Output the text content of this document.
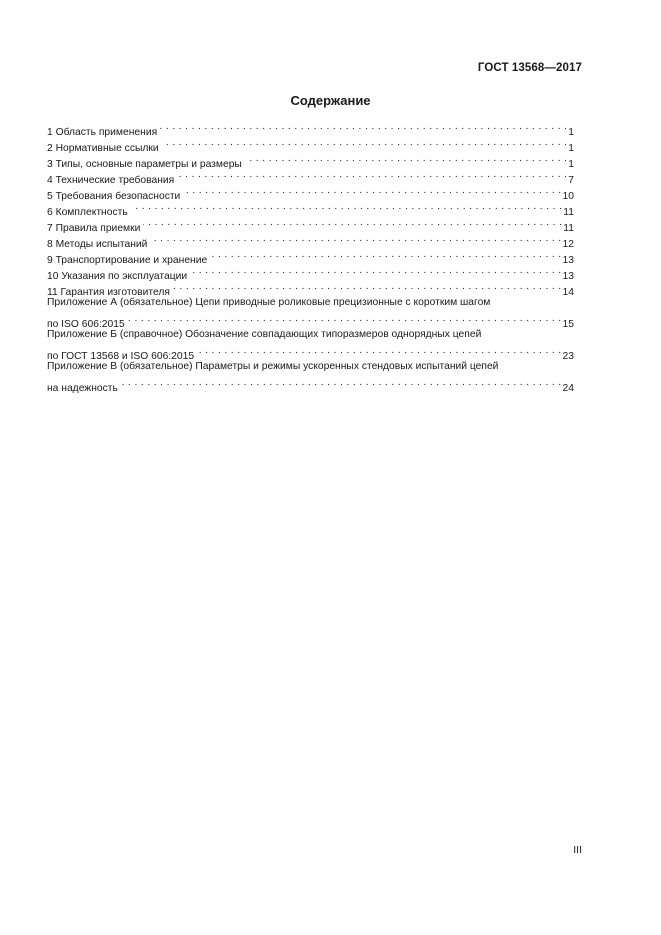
ГОСТ 13568—2017
Содержание
1 Область применения . . .	1
2 Нормативные ссылки . . .	1
3 Типы, основные параметры и размеры . . .	1
4 Технические требования . . .	7
5 Требования безопасности . . .	10
6 Комплектность . . .	11
7 Правила приемки . . .	11
8 Методы испытаний . . .	12
9 Транспортирование и хранение . . .	13
10 Указания по эксплуатации . . .	13
11 Гарантия изготовителя . . .	14
Приложение А (обязательное) Цепи приводные роликовые прецизионные с коротким шагом
по ISO 606:2015 . . .	15
Приложение Б (справочное) Обозначение совпадающих типоразмеров однорядных цепей
по ГОСТ 13568 и ISO 606:2015 . . .	23
Приложение В (обязательное) Параметры и режимы ускоренных стендовых испытаний цепей
на надежность . . .	24
III
